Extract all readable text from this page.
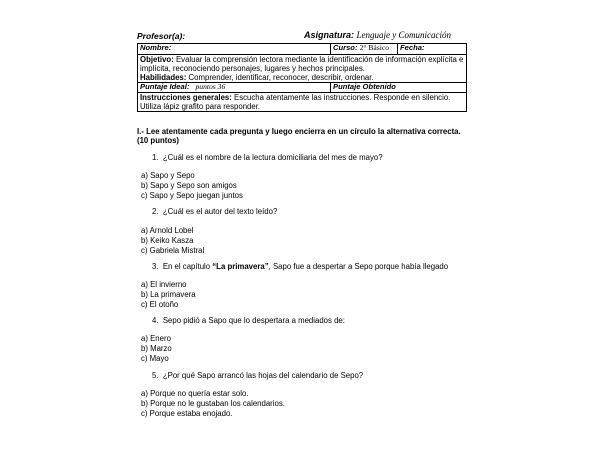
Profesor(a):	Asignatura: Lenguaje y Comunicación
Nombre:	Curso: 2° Básico	Fecha:
Objetivo: Evaluar la comprensión lectora mediante la identificación de información explícita e implícita, reconociendo personajes, lugares y hechos principales.
Habilidades: Comprender, identificar, reconocer, describir, ordenar.		
Puntaje Ideal: puntos 36	Puntaje Obtenido	
Instrucciones generales: Escucha atentamente las instrucciones. Responde en silencio. Utiliza lápiz grafito para responder.		
I.- Lee atentamente cada pregunta y luego encierra en un círculo la alternativa correcta. (10 puntos)
1. ¿Cuál es el nombre de la lectura domiciliaria del mes de mayo?
a) Sapo y Sepo
b) Sapo y Sepo son amigos
c) Sapo y Sepo juegan juntos
2. ¿Cuál es el autor del texto leído?
a) Arnold Lobel
b) Keiko Kasza
c) Gabriela Mistral
3. En el capítulo “La primavera”, Sapo fue a despertar a Sepo porque había llegado
a) El invierno
b) La primavera
c) El otoño
4. Sepo pidió a Sapo que lo despertara a mediados de:
a) Enero
b) Marzo
c) Mayo
5. ¿Por qué Sapo arrancó las hojas del calendario de Sepo?
a) Porque no quería estar solo.
b) Porque no le gustaban los calendarios.
c) Porque estaba enojado.
